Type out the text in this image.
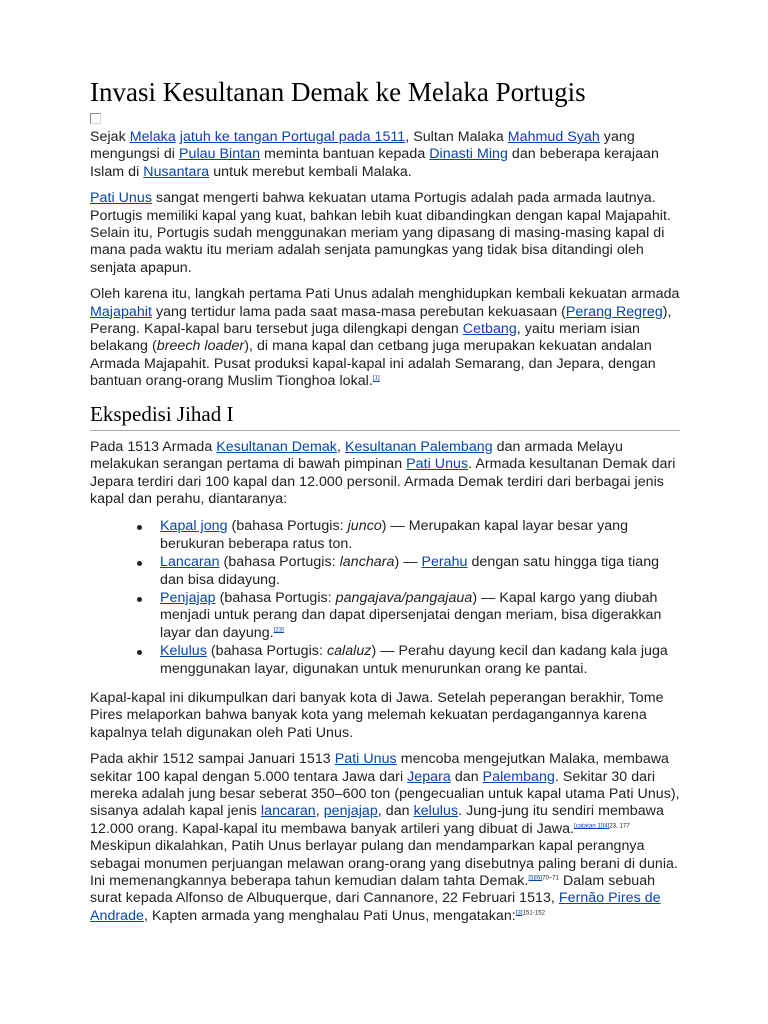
Invasi Kesultanan Demak ke Melaka Portugis

Sejak Melaka jatuh ke tangan Portugal pada 1511, Sultan Malaka Mahmud Syah yang mengungsi di Pulau Bintan meminta bantuan kepada Dinasti Ming dan beberapa kerajaan Islam di Nusantara untuk merebut kembali Malaka.

Pati Unus sangat mengerti bahwa kekuatan utama Portugis adalah pada armada lautnya. Portugis memiliki kapal yang kuat, bahkan lebih kuat dibandingkan dengan kapal Majapahit. Selain itu, Portugis sudah menggunakan meriam yang dipasang di masing-masing kapal di mana pada waktu itu meriam adalah senjata pamungkas yang tidak bisa ditandingi oleh senjata apapun.

Oleh karena itu, langkah pertama Pati Unus adalah menghidupkan kembali kekuatan armada Majapahit yang tertidur lama pada saat masa-masa perebutan kekuasaan (Perang Regreg), Perang. Kapal-kapal baru tersebut juga dilengkapi dengan Cetbang, yaitu meriam isian belakang (breech loader), di mana kapal dan cetbang juga merupakan kekuatan andalan Armada Majapahit. Pusat produksi kapal-kapal ini adalah Semarang, dan Jepara, dengan bantuan orang-orang Muslim Tionghoa lokal.[1]

Ekspedisi Jihad I

Pada 1513 Armada Kesultanan Demak, Kesultanan Palembang dan armada Melayu melakukan serangan pertama di bawah pimpinan Pati Unus. Armada kesultanan Demak dari Jepara terdiri dari 100 kapal dan 12.000 personil. Armada Demak terdiri dari berbagai jenis kapal dan perahu, diantaranya:

Kapal jong (bahasa Portugis: junco) — Merupakan kapal layar besar yang berukuran beberapa ratus ton.
Lancaran (bahasa Portugis: lanchara) — Perahu dengan satu hingga tiga tiang dan bisa didayung.
Penjajap (bahasa Portugis: pangajava/pangajaua) — Kapal kargo yang diubah menjadi untuk perang dan dapat dipersenjatai dengan meriam, bisa digerakkan layar dan dayung.[23]
Kelulus (bahasa Portugis: calaluz) — Perahu dayung kecil dan kadang kala juga menggunakan layar, digunakan untuk menurunkan orang ke pantai.

Kapal-kapal ini dikumpulkan dari banyak kota di Jawa. Setelah peperangan berakhir, Tome Pires melaporkan bahwa banyak kota yang melemah kekuatan perdagangannya karena kapalnya telah digunakan oleh Pati Unus.

Pada akhir 1512 sampai Januari 1513 Pati Unus mencoba mengejutkan Malaka, membawa sekitar 100 kapal dengan 5.000 tentara Jawa dari Jepara dan Palembang. Sekitar 30 dari mereka adalah jung besar seberat 350–600 ton (pengecualian untuk kapal utama Pati Unus), sisanya adalah kapal jenis lancaran, penjajap, dan kelulus. Jung-jung itu sendiri membawa 12.000 orang. Kapal-kapal itu membawa banyak artileri yang dibuat di Jawa.$^{[catatan 1][4]23, 177}$ Meskipun dikalahkan, Patih Unus berlayar pulang dan mendamparkan kapal perangnya sebagai monumen perjuangan melawan orang-orang yang disebutnya paling berani di dunia. Ini memenangkannya beberapa tahun kemudian dalam tahta Demak.$^{[5][6]70-71}$ Dalam sebuah surat kepada Alfonso de Albuquerque, dari Cannanore, 22 Februari 1513, Fernão Pires de Andrade, Kapten armada yang menghalau Pati Unus, mengatakan:$^{[3]151-152}$
